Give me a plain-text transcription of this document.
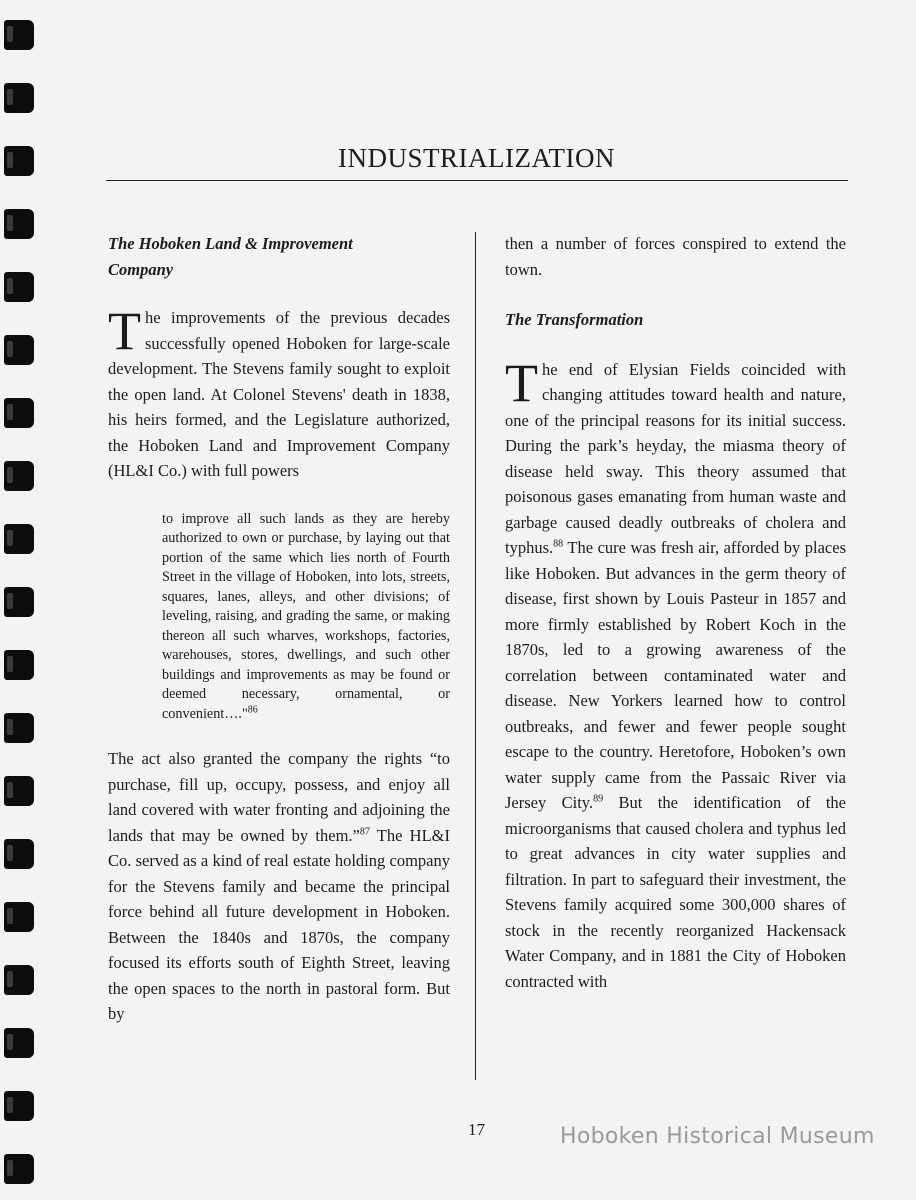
INDUSTRIALIZATION
The Hoboken Land & Improvement Company

The improvements of the previous decades successfully opened Hoboken for large-scale development. The Stevens family sought to exploit the open land. At Colonel Stevens' death in 1838, his heirs formed, and the Legislature authorized, the Hoboken Land and Improvement Company (HL&I Co.) with full powers

to improve all such lands as they are hereby authorized to own or purchase, by laying out that portion of the same which lies north of Fourth Street in the village of Hoboken, into lots, streets, squares, lanes, alleys, and other divisions; of leveling, raising, and grading the same, or making thereon all such wharves, workshops, factories, warehouses, stores, dwellings, and such other buildings and improvements as may be found or deemed necessary, ornamental, or convenient…."$^{86}$

The act also granted the company the rights “to purchase, fill up, occupy, possess, and enjoy all land covered with water fronting and adjoining the lands that may be owned by them.”$^{87}$ The HL&I Co. served as a kind of real estate holding company for the Stevens family and became the principal force behind all future development in Hoboken. Between the 1840s and 1870s, the company focused its efforts south of Eighth Street, leaving the open spaces to the north in pastoral form. But by

then a number of forces conspired to extend the town.

The Transformation

The end of Elysian Fields coincided with changing attitudes toward health and nature, one of the principal reasons for its initial success. During the park’s heyday, the miasma theory of disease held sway. This theory assumed that poisonous gases emanating from human waste and garbage caused deadly outbreaks of cholera and typhus.$^{88}$ The cure was fresh air, afforded by places like Hoboken. But advances in the germ theory of disease, first shown by Louis Pasteur in 1857 and more firmly established by Robert Koch in the 1870s, led to a growing awareness of the correlation between contaminated water and disease. New Yorkers learned how to control outbreaks, and fewer and fewer people sought escape to the country. Heretofore, Hoboken’s own water supply came from the Passaic River via Jersey City.$^{89}$ But the identification of the microorganisms that caused cholera and typhus led to great advances in city water supplies and filtration. In part to safeguard their investment, the Stevens family acquired some 300,000 shares of stock in the recently reorganized Hackensack Water Company, and in 1881 the City of Hoboken contracted with

17	Hoboken Historical Museum
